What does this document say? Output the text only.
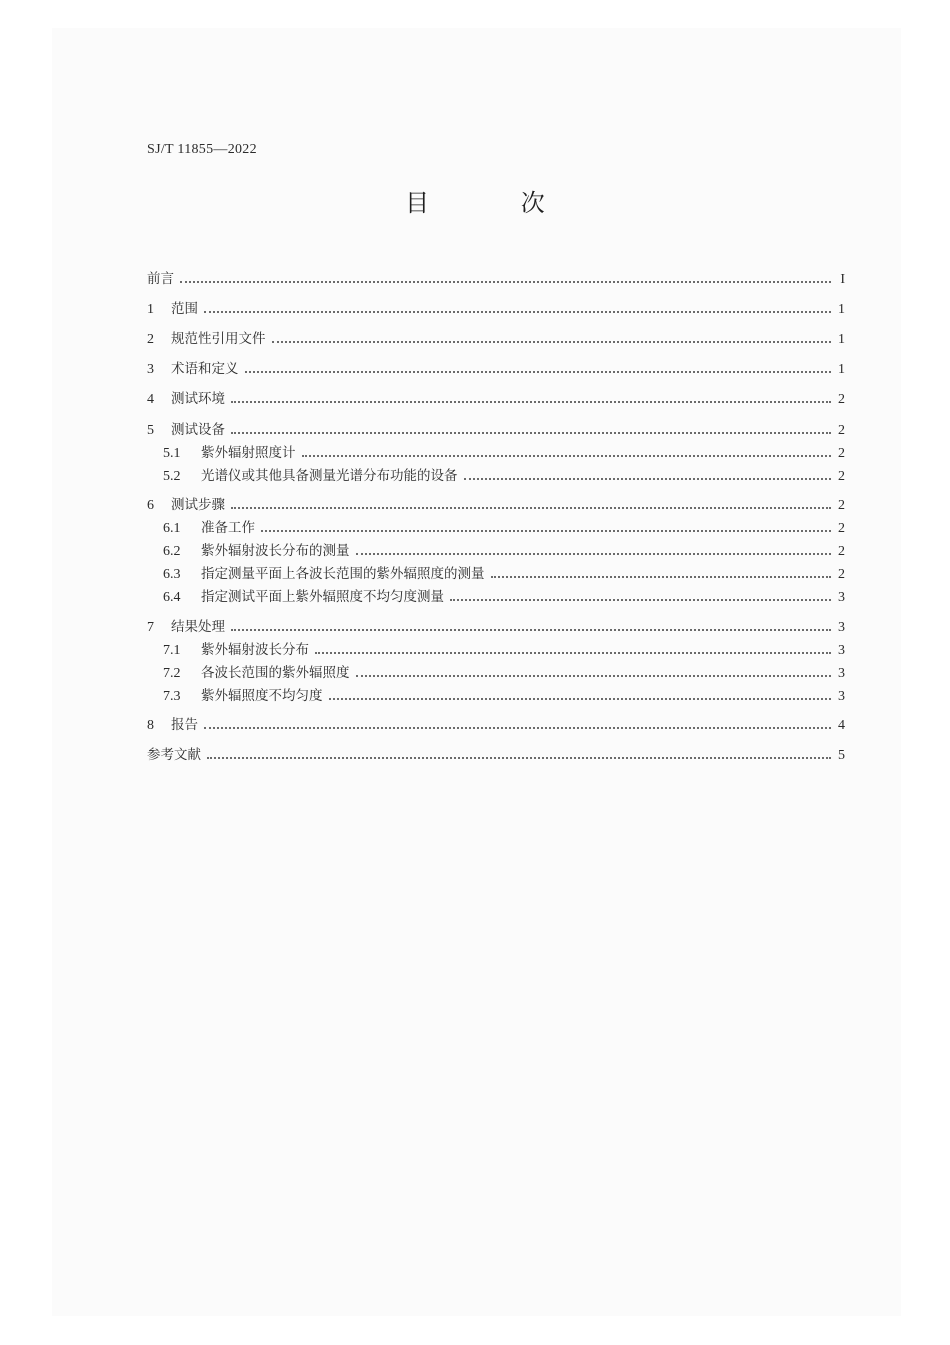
SJ/T 11855—2022
目 次
前言	I
1	范围	1
2	规范性引用文件	1
3	术语和定义	1
4	测试环境	2
5	测试设备	2
5.1	紫外辐射照度计	2
5.2	光谱仪或其他具备测量光谱分布功能的设备	2
6	测试步骤	2
6.1	准备工作	2
6.2	紫外辐射波长分布的测量	2
6.3	指定测量平面上各波长范围的紫外辐照度的测量	2
6.4	指定测试平面上紫外辐照度不均匀度测量	3
7	结果处理	3
7.1	紫外辐射波长分布	3
7.2	各波长范围的紫外辐照度	3
7.3	紫外辐照度不均匀度	3
8	报告	4
参考文献	5
